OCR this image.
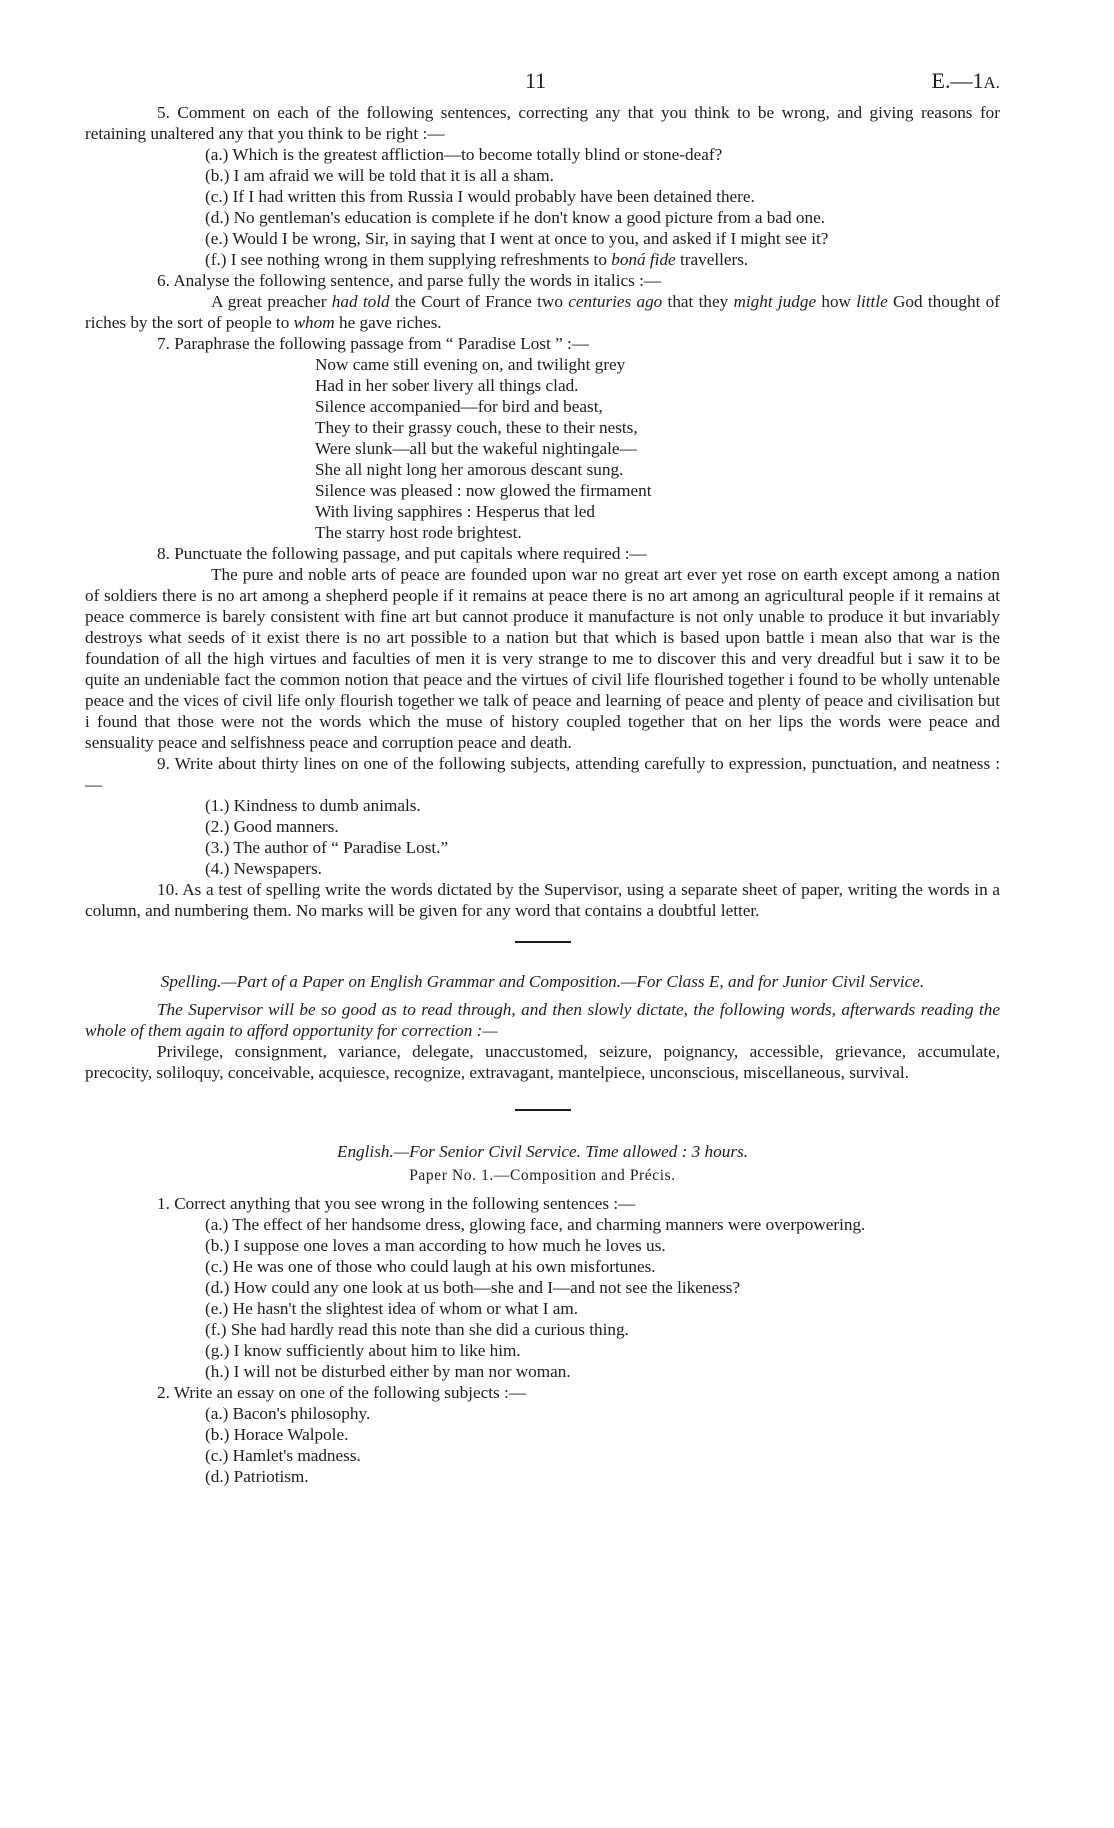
11	E.—1A.

5. Comment on each of the following sentences, correcting any that you think to be wrong, and giving reasons for retaining unaltered any that you think to be right :—

(a.) Which is the greatest affliction—to become totally blind or stone-deaf?

(b.) I am afraid we will be told that it is all a sham.

(c.) If I had written this from Russia I would probably have been detained there.

(d.) No gentleman's education is complete if he don't know a good picture from a bad one.

(e.) Would I be wrong, Sir, in saying that I went at once to you, and asked if I might see it?

(f.) I see nothing wrong in them supplying refreshments to boná fide travellers.

6. Analyse the following sentence, and parse fully the words in italics :—

A great preacher had told the Court of France two centuries ago that they might judge how little God thought of riches by the sort of people to whom he gave riches.

7. Paraphrase the following passage from “ Paradise Lost ” :—

Now came still evening on, and twilight grey

Had in her sober livery all things clad.

Silence accompanied—for bird and beast,

They to their grassy couch, these to their nests,

Were slunk—all but the wakeful nightingale—

She all night long her amorous descant sung.

Silence was pleased : now glowed the firmament

With living sapphires : Hesperus that led

The starry host rode brightest.

8. Punctuate the following passage, and put capitals where required :—

The pure and noble arts of peace are founded upon war no great art ever yet rose on earth except among a nation of soldiers there is no art among a shepherd people if it remains at peace there is no art among an agricultural people if it remains at peace commerce is barely consistent with fine art but cannot produce it manufacture is not only unable to produce it but invariably destroys what seeds of it exist there is no art possible to a nation but that which is based upon battle i mean also that war is the foundation of all the high virtues and faculties of men it is very strange to me to discover this and very dreadful but i saw it to be quite an undeniable fact the common notion that peace and the virtues of civil life flourished together i found to be wholly untenable peace and the vices of civil life only flourish together we talk of peace and learning of peace and plenty of peace and civilisation but i found that those were not the words which the muse of history coupled together that on her lips the words were peace and sensuality peace and selfishness peace and corruption peace and death.

9. Write about thirty lines on one of the following subjects, attending carefully to expression, punctuation, and neatness :—

(1.) Kindness to dumb animals.

(2.) Good manners.

(3.) The author of “ Paradise Lost.”

(4.) Newspapers.

10. As a test of spelling write the words dictated by the Supervisor, using a separate sheet of paper, writing the words in a column, and numbering them. No marks will be given for any word that contains a doubtful letter.

Spelling.—Part of a Paper on English Grammar and Composition.—For Class E, and for Junior Civil Service.

The Supervisor will be so good as to read through, and then slowly dictate, the following words, afterwards reading the whole of them again to afford opportunity for correction :—

Privilege, consignment, variance, delegate, unaccustomed, seizure, poignancy, accessible, grievance, accumulate, precocity, soliloquy, conceivable, acquiesce, recognize, extravagant, mantelpiece, unconscious, miscellaneous, survival.

English.—For Senior Civil Service. Time allowed : 3 hours.

Paper No. 1.—Composition and Précis.

1. Correct anything that you see wrong in the following sentences :—

(a.) The effect of her handsome dress, glowing face, and charming manners were overpowering.

(b.) I suppose one loves a man according to how much he loves us.

(c.) He was one of those who could laugh at his own misfortunes.

(d.) How could any one look at us both—she and I—and not see the likeness?

(e.) He hasn't the slightest idea of whom or what I am.

(f.) She had hardly read this note than she did a curious thing.

(g.) I know sufficiently about him to like him.

(h.) I will not be disturbed either by man nor woman.

2. Write an essay on one of the following subjects :—

(a.) Bacon's philosophy.

(b.) Horace Walpole.

(c.) Hamlet's madness.

(d.) Patriotism.
